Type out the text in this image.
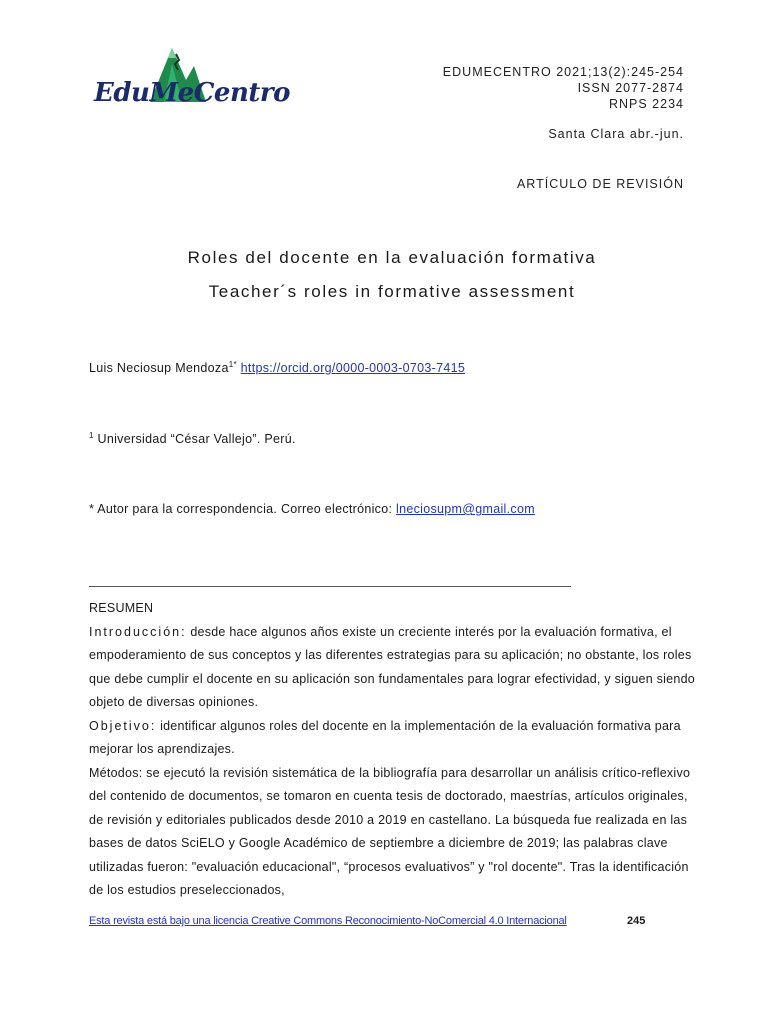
EduMeCentro
EDUMECENTRO 2021;13(2):245-254
ISSN 2077-2874
RNPS 2234
Santa Clara abr.-jun.
ARTÍCULO DE REVISIÓN
Roles del docente en la evaluación formativa
Teacher´s roles in formative assessment
Luis Neciosup Mendoza$^{1*}$ https://orcid.org/0000-0003-0703-7415
$^1$ Universidad “César Vallejo”. Perú.
* Autor para la correspondencia. Correo electrónico: lneciosupm@gmail.com

RESUMEN

Introducción: desde hace algunos años existe un creciente interés por la evaluación formativa, el empoderamiento de sus conceptos y las diferentes estrategias para su aplicación; no obstante, los roles que debe cumplir el docente en su aplicación son fundamentales para lograr efectividad, y siguen siendo objeto de diversas opiniones.

Objetivo: identificar algunos roles del docente en la implementación de la evaluación formativa para mejorar los aprendizajes.

Métodos: se ejecutó la revisión sistemática de la bibliografía para desarrollar un análisis crítico-reflexivo del contenido de documentos, se tomaron en cuenta tesis de doctorado, maestrías, artículos originales, de revisión y editoriales publicados desde 2010 a 2019 en castellano. La búsqueda fue realizada en las bases de datos SciELO y Google Académico de septiembre a diciembre de 2019; las palabras clave utilizadas fueron: "evaluación educacional", “procesos evaluativos” y "rol docente". Tras la identificación de los estudios preseleccionados,

Esta revista está bajo una licencia Creative Commons Reconocimiento-NoComercial 4.0 Internacional	245
